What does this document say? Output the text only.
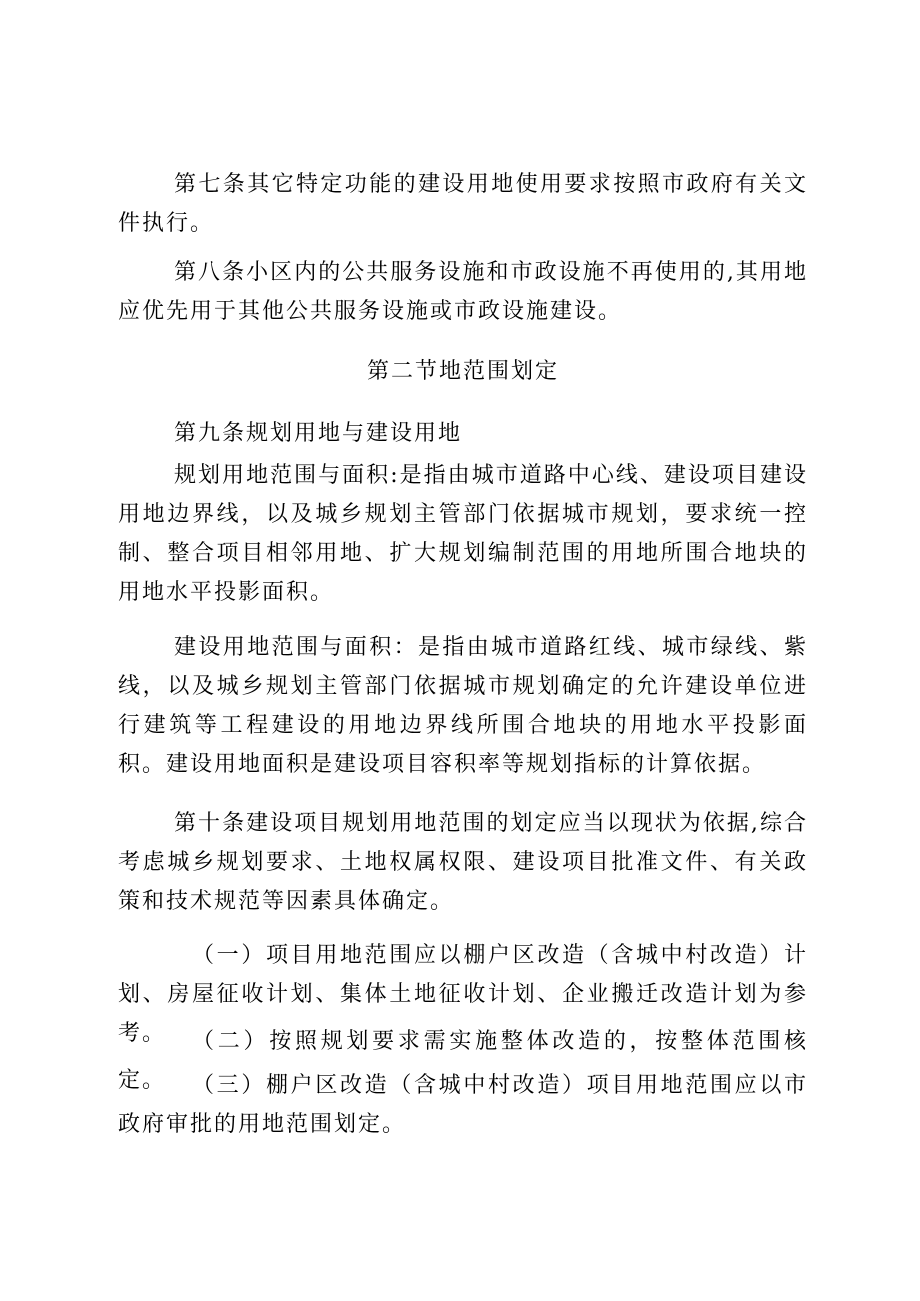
第七条其它特定功能的建设用地使用要求按照市政府有关文件执行。

第八条小区内的公共服务设施和市政设施不再使用的,其用地应优先用于其他公共服务设施或市政设施建设。

第二节地范围划定

第九条规划用地与建设用地

规划用地范围与面积:是指由城市道路中心线、建设项目建设用地边界线，以及城乡规划主管部门依据城市规划，要求统一控制、整合项目相邻用地、扩大规划编制范围的用地所围合地块的用地水平投影面积。

建设用地范围与面积：是指由城市道路红线、城市绿线、紫线，以及城乡规划主管部门依据城市规划确定的允许建设单位进行建筑等工程建设的用地边界线所围合地块的用地水平投影面积。建设用地面积是建设项目容积率等规划指标的计算依据。

第十条建设项目规划用地范围的划定应当以现状为依据,综合考虑城乡规划要求、土地权属权限、建设项目批准文件、有关政策和技术规范等因素具体确定。

（一）项目用地范围应以棚户区改造（含城中村改造）计划、房屋征收计划、集体土地征收计划、企业搬迁改造计划为参考。	（二）按照规划要求需实施整体改造的，按整体范围核定。	（三）棚户区改造（含城中村改造）项目用地范围应以市政府审批的用地范围划定。
